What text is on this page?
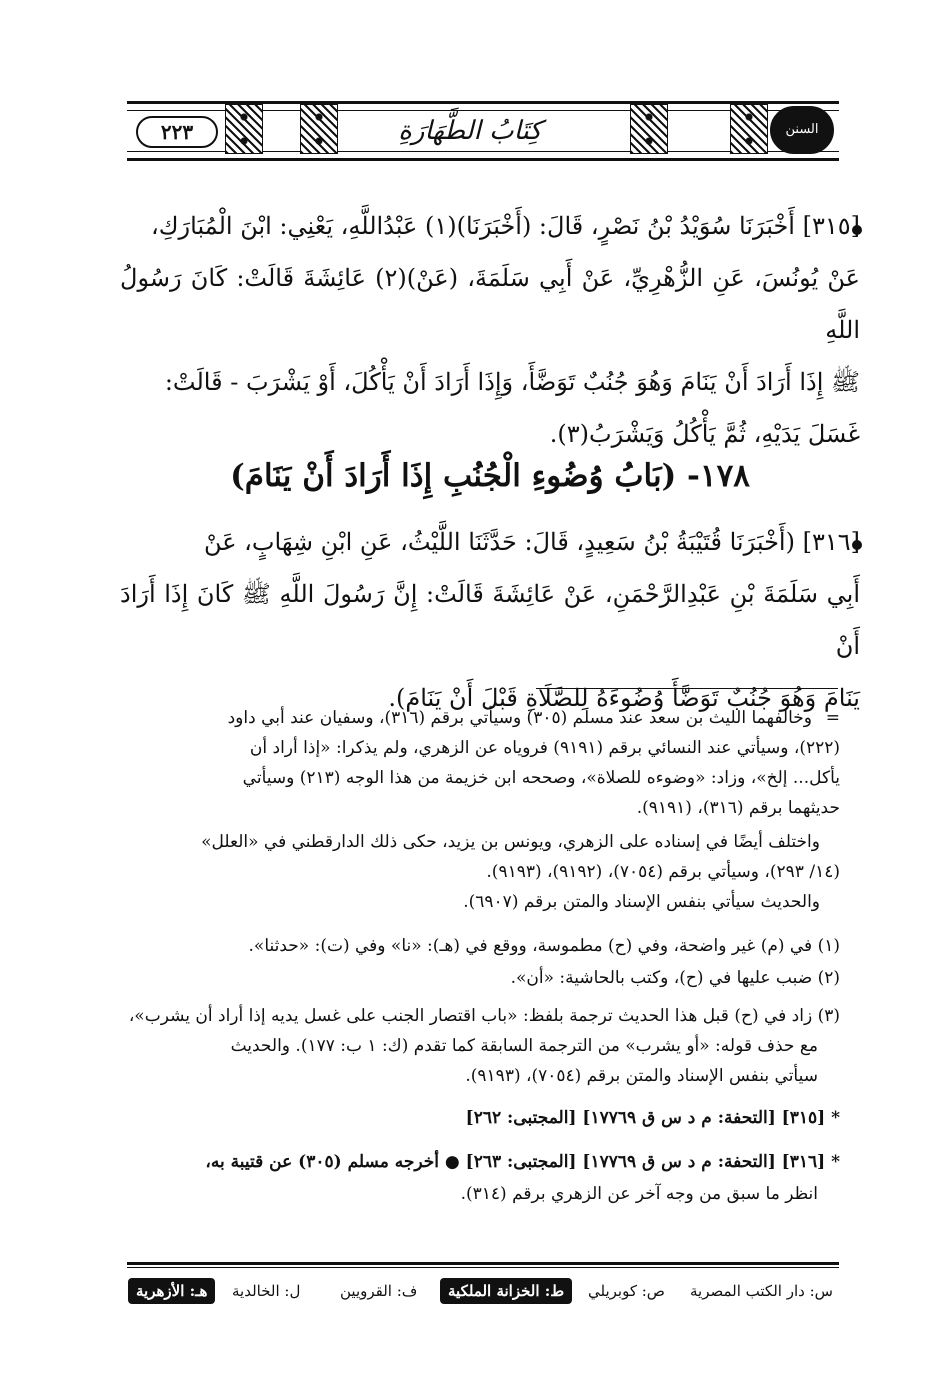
٢٢٣	كِتَابُ الطَّهَارَةِ	السنن الكبرى
[٣١٥] أَخْبَرَنَا سُوَيْدُ بْنُ نَصْرٍ، قَالَ: (أَخْبَرَنَا)(١) عَبْدُاللَّهِ، يَعْنِي: ابْنَ الْمُبَارَكِ،
عَنْ يُونُسَ، عَنِ الزُّهْرِيِّ، عَنْ أَبِي سَلَمَةَ، (عَنْ)(٢) عَائِشَةَ قَالَتْ: كَانَ رَسُولُ اللَّهِ
ﷺ إِذَا أَرَادَ أَنْ يَنَامَ وَهُوَ جُنُبٌ تَوَضَّأَ، وَإِذَا أَرَادَ أَنْ يَأْكُلَ، أَوْ يَشْرَبَ - قَالَتْ:
غَسَلَ يَدَيْهِ، ثُمَّ يَأْكُلُ وَيَشْرَبُ(٣).
١٧٨- (بَابُ وُضُوءِ الْجُنُبِ إِذَا أَرَادَ أَنْ يَنَامَ)
[٣١٦] (أَخْبَرَنَا قُتَيْبَةُ بْنُ سَعِيدٍ، قَالَ: حَدَّثَنَا اللَّيْثُ، عَنِ ابْنِ شِهَابٍ، عَنْ
أَبِي سَلَمَةَ بْنِ عَبْدِالرَّحْمَنِ، عَنْ عَائِشَةَ قَالَتْ: إِنَّ رَسُولَ اللَّهِ ﷺ كَانَ إِذَا أَرَادَ أَنْ
يَنَامَ وَهُوَ جُنُبٌ تَوَضَّأَ وُضُوءَهُ لِلصَّلَاةِ قَبْلَ أَنْ يَنَامَ).
=
وخالفهما الليث بن سعد عند مسلم (٣٠٥) وسيأتي برقم (٣١٦)، وسفيان عند أبي داود
(٢٢٢)، وسيأتي عند النسائي برقم (٩١٩١) فروياه عن الزهري، ولم يذكرا: «إذا أراد أن
يأكل... إلخ»، وزاد: «وضوءه للصلاة»، وصححه ابن خزيمة من هذا الوجه (٢١٣) وسيأتي
حديثهما برقم (٣١٦)، (٩١٩١).
واختلف أيضًا في إسناده على الزهري، ويونس بن يزيد، حكى ذلك الدارقطني في «العلل»
(١٤/ ٢٩٣)، وسيأتي برقم (٧٠٥٤)، (٩١٩٢)، (٩١٩٣).
والحديث سيأتي بنفس الإسناد والمتن برقم (٦٩٠٧).
(١) في (م) غير واضحة، وفي (ح) مطموسة، ووقع في (هـ): «نا» وفي (ت): «حدثنا».
(٢) ضبب عليها في (ح)، وكتب بالحاشية: «أن».
(٣) زاد في (ح) قبل هذا الحديث ترجمة بلفظ: «باب اقتصار الجنب على غسل يديه إذا أراد أن يشرب»،
مع حذف قوله: «أو يشرب» من الترجمة السابقة كما تقدم (ك: ١ ب: ١٧٧). والحديث
سيأتي بنفس الإسناد والمتن برقم (٧٠٥٤)، (٩١٩٣).
* [٣١٥] [التحفة: م د س ق ١٧٧٦٩] [المجتبى: ٢٦٢]
* [٣١٦] [التحفة: م د س ق ١٧٧٦٩] [المجتبى: ٢٦٣] ● أخرجه مسلم (٣٠٥) عن قتيبة به،
انظر ما سبق من وجه آخر عن الزهري برقم (٣١٤).
س: دار الكتب المصرية
ص: كوبريلي
ط: الخزانة الملكية
ف: القرويين
ل: الخالدية
هـ: الأزهرية
